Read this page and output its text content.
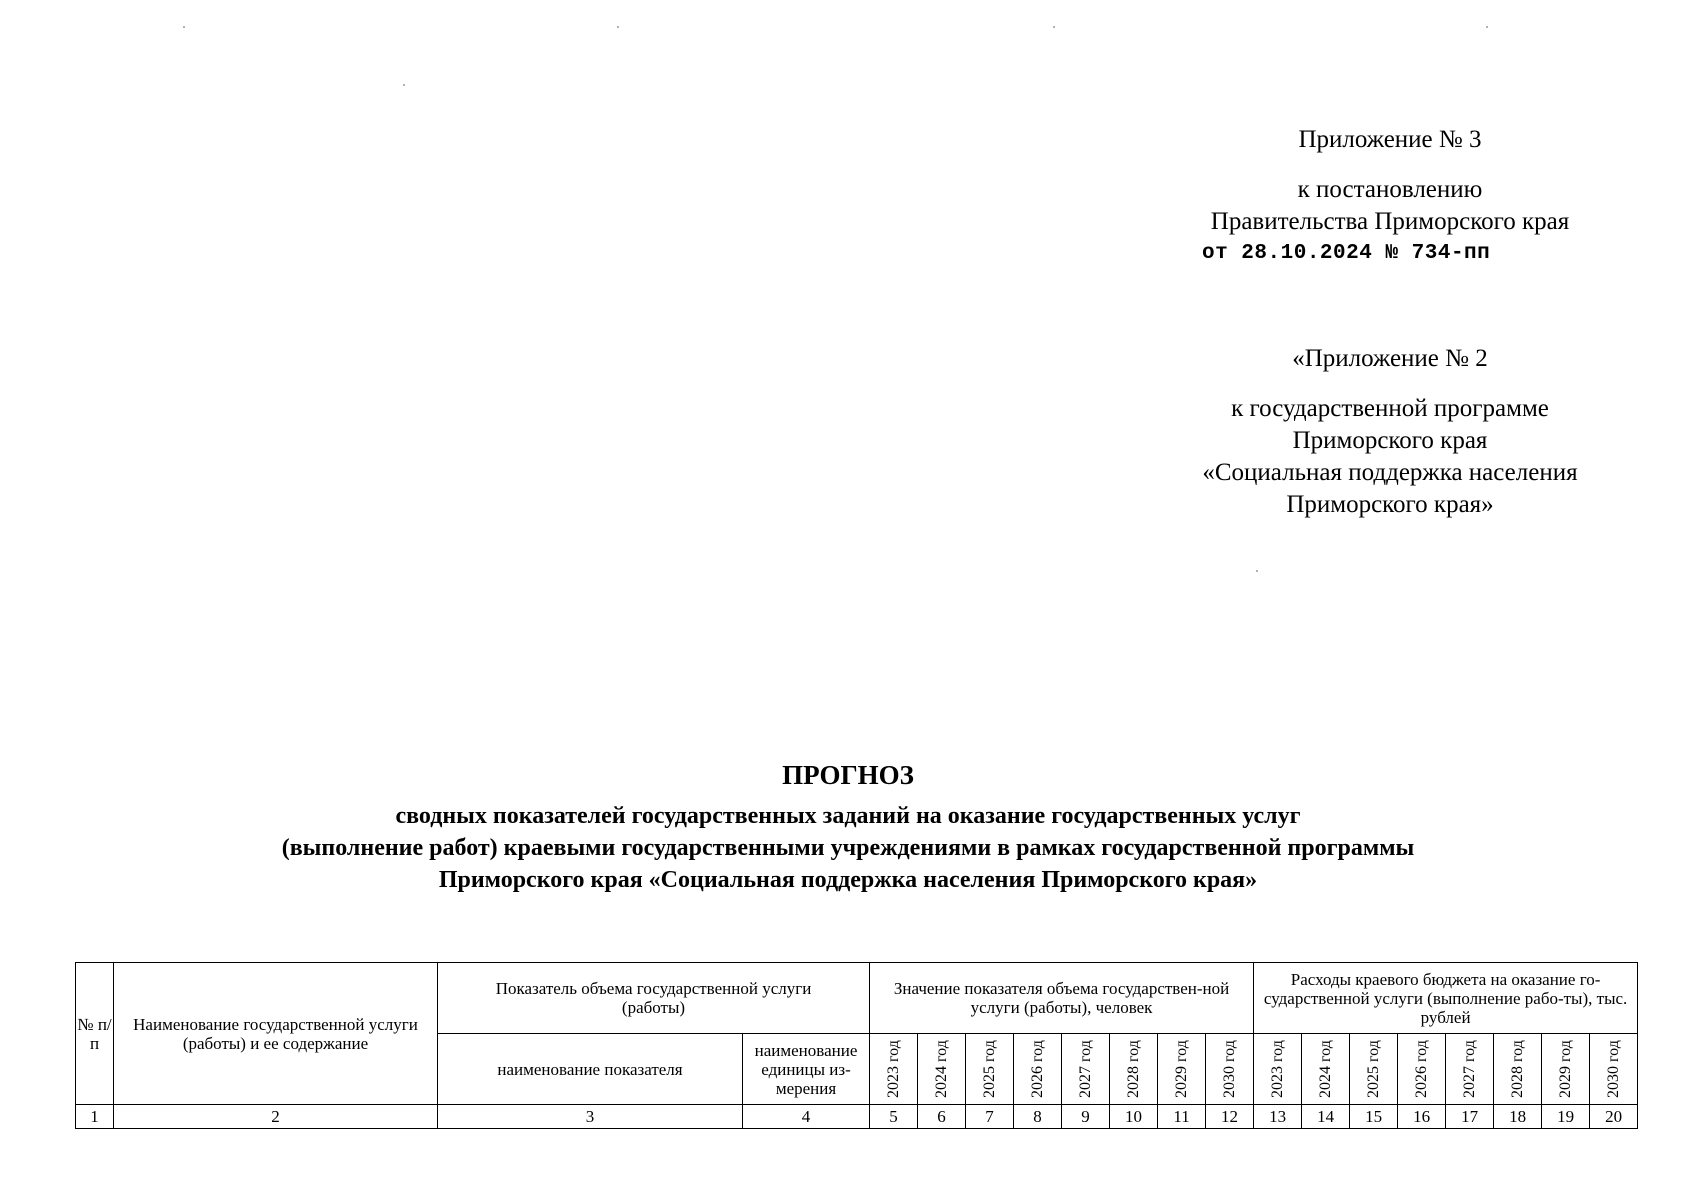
Приложение № 3
к постановлению
Правительства Приморского края
от 28.10.2024 № 734-пп
«Приложение № 2
к государственной программе
Приморского края
«Социальная поддержка населения
Приморского края»
ПРОГНОЗ
сводных показателей государственных заданий на оказание государственных услуг
(выполнение работ) краевыми государственными учреждениями в рамках государственной программы
Приморского края «Социальная поддержка населения Приморского края»
№ п/п	Наименование государственной услуги (работы) и ее содержание	Показатель объема государственной услуги (работы)		Значение показателя объема государствен-ной услуги (работы), человек								Расходы краевого бюджета на оказание го-сударственной услуги (выполнение рабо-ты), тыс. рублей							
		наименование показателя	наименование единицы из-мерения	2023 год	2024 год	2025 год	2026 год	2027 год	2028 год	2029 год	2030 год	2023 год	2024 год	2025 год	2026 год	2027 год	2028 год	2029 год	2030 год

1	2	3	4	5	6	7	8	9	10	11	12	13	14	15	16	17	18	19	20
